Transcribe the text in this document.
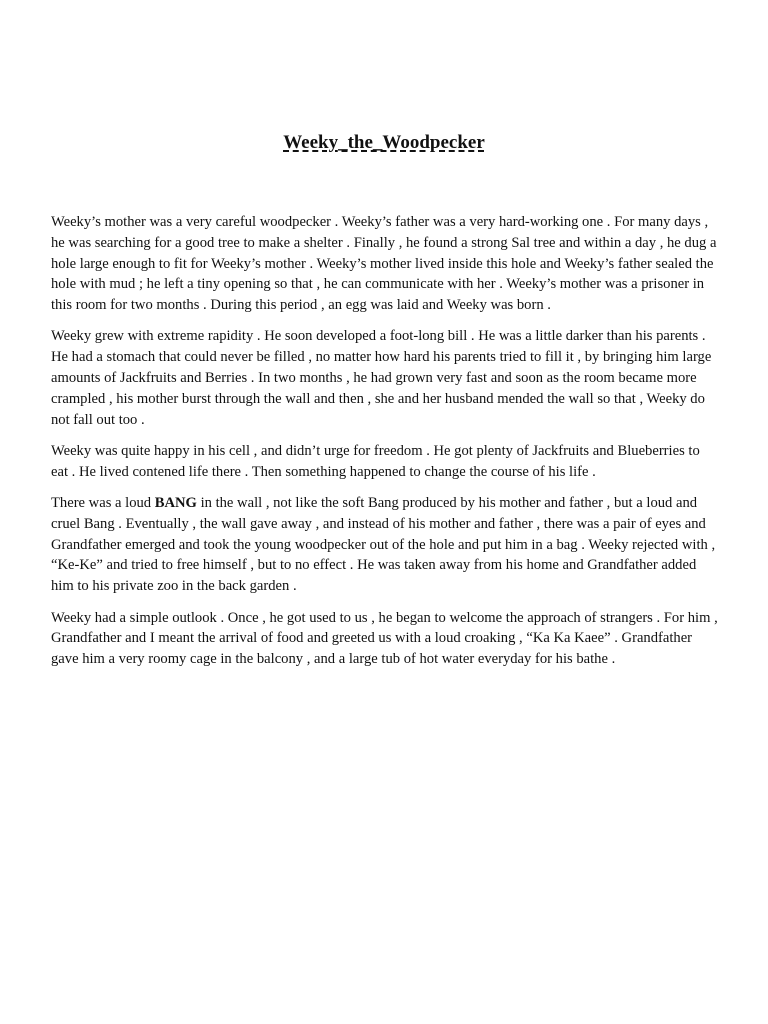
Weeky_the_Woodpecker

Weeky’s mother was a very careful woodpecker . Weeky’s father was a very hard-working one . For many days , he was searching for a good tree to make a shelter . Finally , he found a strong Sal tree and within a day , he dug a hole large enough to fit for Weeky’s mother . Weeky’s mother lived inside this hole and Weeky’s father sealed the hole with mud ; he left a tiny opening so that , he can communicate with her . Weeky’s mother was a prisoner in this room for two months . During this period , an egg was laid and Weeky was born .

Weeky grew with extreme rapidity . He soon developed a foot-long bill . He was a little darker than his parents . He had a stomach that could never be filled , no matter how hard his parents tried to fill it , by bringing him large amounts of Jackfruits and Berries . In two months , he had grown very fast and soon as the room became more crampled , his mother burst through the wall and then , she and her husband mended the wall so that , Weeky do not fall out too .

Weeky was quite happy in his cell , and didn’t urge for freedom . He got plenty of Jackfruits and Blueberries to eat . He lived contened life there . Then something happened to change the course of his life .

There was a loud BANG in the wall , not like the soft Bang produced by his mother and father , but a loud and cruel Bang . Eventually , the wall gave away , and instead of his mother and father , there was a pair of eyes and Grandfather emerged and took the young woodpecker out of the hole and put him in a bag . Weeky rejected with , “Ke-Ke” and tried to free himself , but to no effect . He was taken away from his home and Grandfather added him to his private zoo in the back garden .

Weeky had a simple outlook . Once , he got used to us , he began to welcome the approach of strangers . For him , Grandfather and I meant the arrival of food and greeted us with a loud croaking , “Ka Ka Kaee” . Grandfather gave him a very roomy cage in the balcony , and a large tub of hot water everyday for his bathe .
